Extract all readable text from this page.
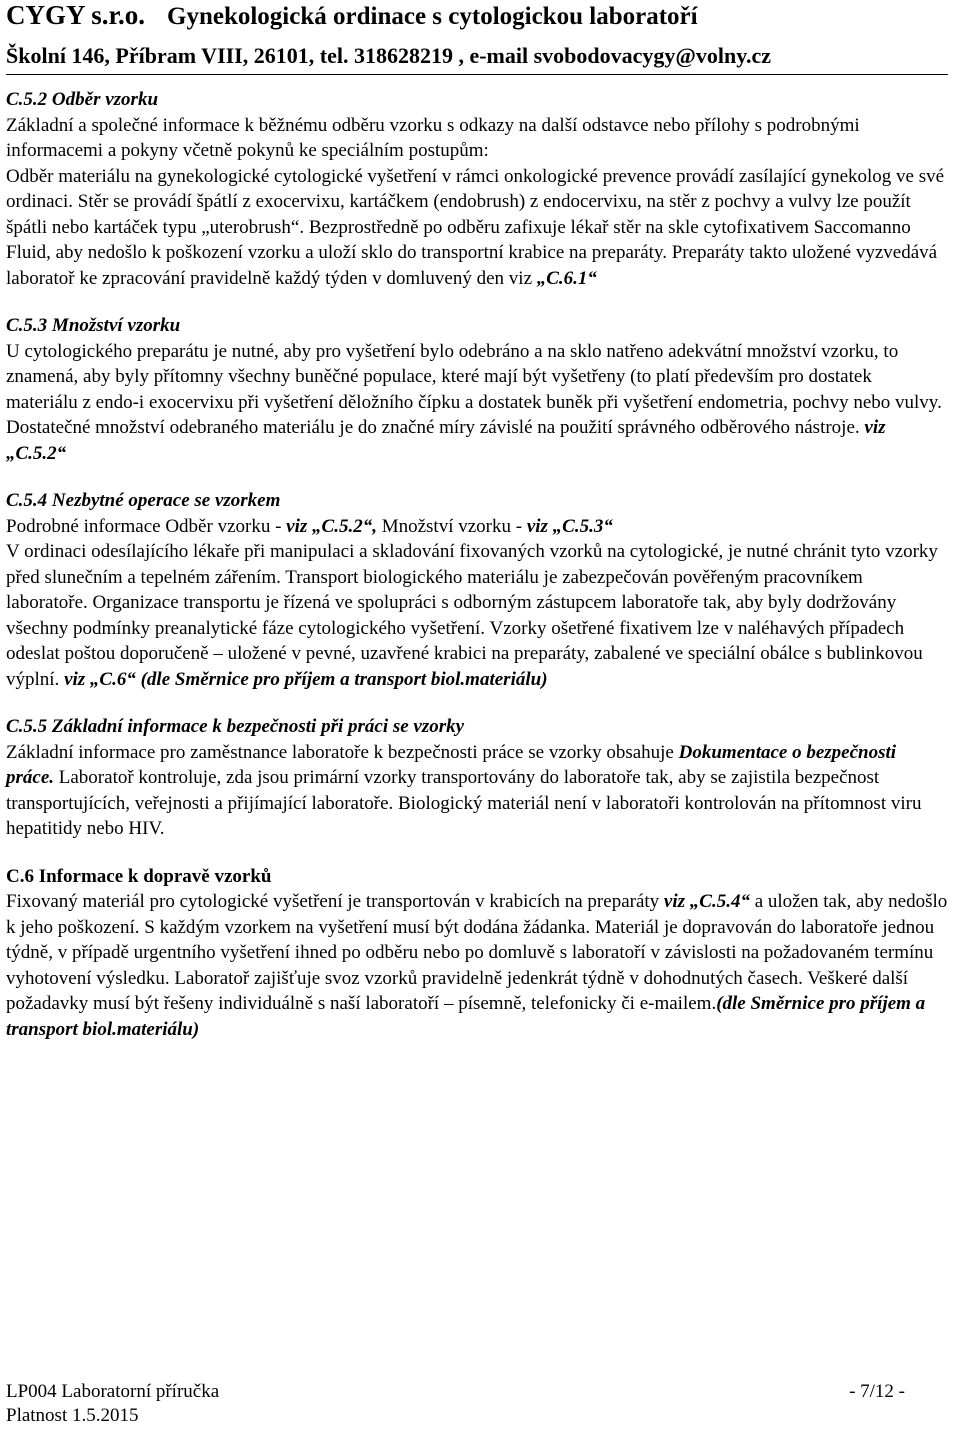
CYGY s.r.o. Gynekologická ordinace s cytologickou laboratoří
Školní 146, Příbram VIII, 26101, tel. 318628219 , e-mail svobodovacygy@volny.cz

C.5.2 Odběr vzorku

Základní a společné informace k běžnému odběru vzorku s odkazy na další odstavce nebo přílohy s podrobnými informacemi a pokyny včetně pokynů ke speciálním postupům:

Odběr materiálu na gynekologické cytologické vyšetření v rámci onkologické prevence provádí zasílající gynekolog ve své ordinaci. Stěr se provádí špátlí z exocervixu, kartáčkem (endobrush) z endocervixu, na stěr z pochvy a vulvy lze použít špátli nebo kartáček typu „uterobrush“. Bezprostředně po odběru zafixuje lékař stěr na skle cytofixativem Saccomanno Fluid, aby nedošlo k poškození vzorku a uloží sklo do transportní krabice na preparáty. Preparáty takto uložené vyzvedává laboratoř ke zpracování pravidelně každý týden v domluvený den viz „C.6.1“

C.5.3 Množství vzorku

U cytologického preparátu je nutné, aby pro vyšetření bylo odebráno a na sklo natřeno adekvátní množství vzorku, to znamená, aby byly přítomny všechny buněčné populace, které mají být vyšetřeny (to platí především pro dostatek materiálu z endo-i exocervixu při vyšetření děložního čípku a dostatek buněk při vyšetření endometria, pochvy nebo vulvy.

Dostatečné množství odebraného materiálu je do značné míry závislé na použití správného odběrového nástroje. viz „C.5.2“

C.5.4 Nezbytné operace se vzorkem

Podrobné informace Odběr vzorku - viz „C.5.2“, Množství vzorku - viz „C.5.3“

V ordinaci odesílajícího lékaře při manipulaci a skladování fixovaných vzorků na cytologické, je nutné chránit tyto vzorky před slunečním a tepelném zářením. Transport biologického materiálu je zabezpečován pověřeným pracovníkem laboratoře. Organizace transportu je řízená ve spolupráci s odborným zástupcem laboratoře tak, aby byly dodržovány všechny podmínky preanalytické fáze cytologického vyšetření. Vzorky ošetřené fixativem lze v naléhavých případech odeslat poštou doporučeně – uložené v pevné, uzavřené krabici na preparáty, zabalené ve speciální obálce s bublinkovou výplní. viz „C.6“ (dle Směrnice pro příjem a transport biol.materiálu)

C.5.5 Základní informace k bezpečnosti při práci se vzorky

Základní informace pro zaměstnance laboratoře k bezpečnosti práce se vzorky obsahuje Dokumentace o bezpečnosti práce. Laboratoř kontroluje, zda jsou primární vzorky transportovány do laboratoře tak, aby se zajistila bezpečnost transportujících, veřejnosti a přijímající laboratoře. Biologický materiál není v laboratoři kontrolován na přítomnost viru hepatitidy nebo HIV.

C.6 Informace k dopravě vzorků

Fixovaný materiál pro cytologické vyšetření je transportován v krabicích na preparáty viz „C.5.4“ a uložen tak, aby nedošlo k jeho poškození. S každým vzorkem na vyšetření musí být dodána žádanka. Materiál je dopravován do laboratoře jednou týdně, v případě urgentního vyšetření ihned po odběru nebo po domluvě s laboratoří v závislosti na požadovaném termínu vyhotovení výsledku. Laboratoř zajišťuje svoz vzorků pravidelně jedenkrát týdně v dohodnutých časech. Veškeré další požadavky musí být řešeny individuálně s naší laboratoří – písemně, telefonicky či e-mailem.(dle Směrnice pro příjem a transport biol.materiálu)

LP004 Laboratorní příručka	- 7/12 -
Platnost 1.5.2015
